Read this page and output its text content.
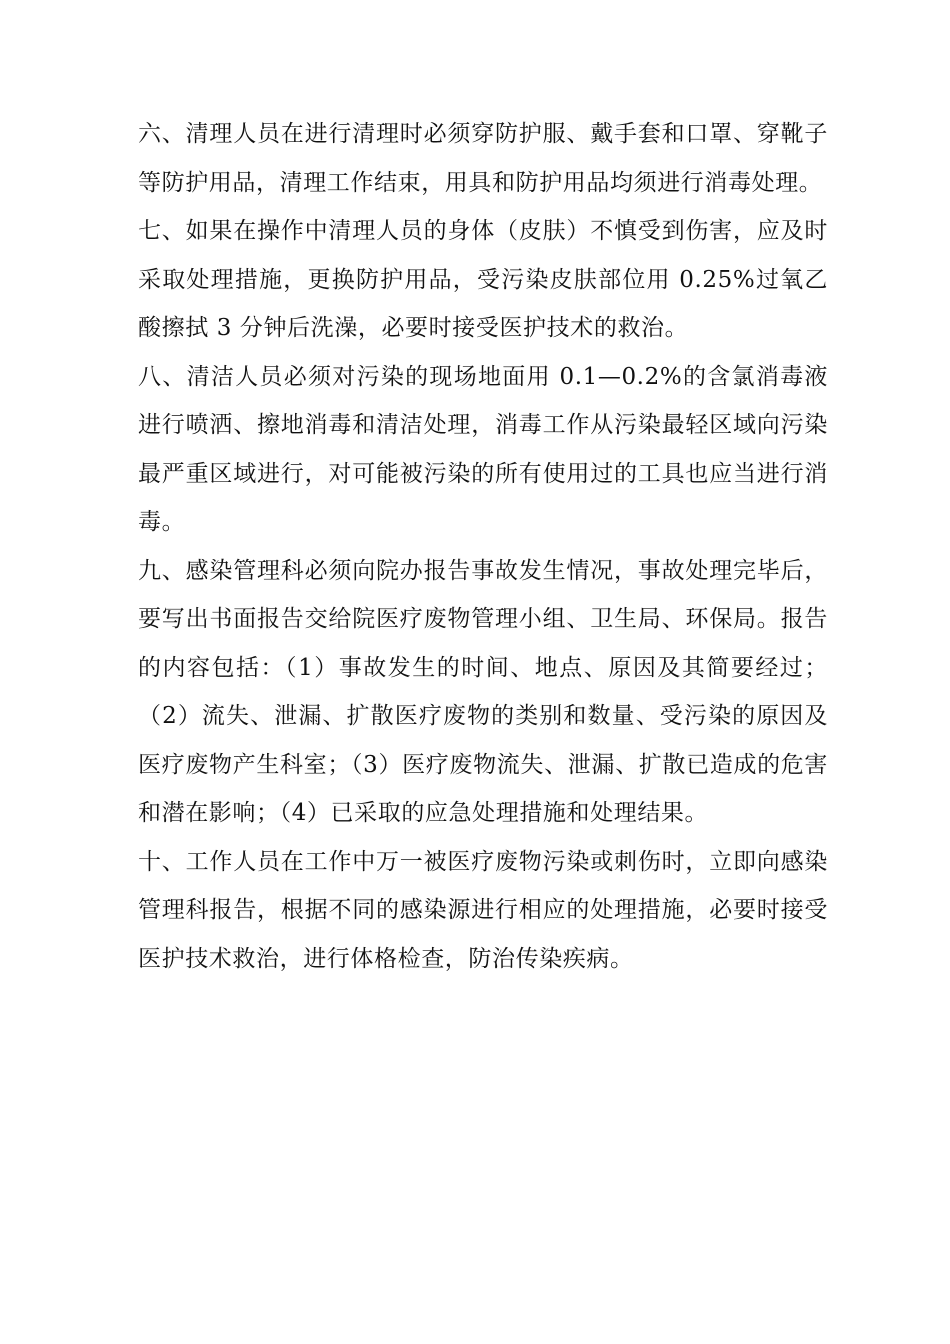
六、清理人员在进行清理时必须穿防护服、戴手套和口罩、穿靴子等防护用品，清理工作结束，用具和防护用品均须进行消毒处理。

七、如果在操作中清理人员的身体（皮肤）不慎受到伤害，应及时采取处理措施，更换防护用品，受污染皮肤部位用 0.25%过氧乙酸擦拭 3 分钟后洗澡，必要时接受医护技术的救治。

八、清洁人员必须对污染的现场地面用 0.1—0.2%的含氯消毒液进行喷洒、擦地消毒和清洁处理，消毒工作从污染最轻区域向污染最严重区域进行，对可能被污染的所有使用过的工具也应当进行消毒。

九、感染管理科必须向院办报告事故发生情况，事故处理完毕后，要写出书面报告交给院医疗废物管理小组、卫生局、环保局。报告的内容包括：（1）事故发生的时间、地点、原因及其简要经过；（2）流失、泄漏、扩散医疗废物的类别和数量、受污染的原因及医疗废物产生科室；（3）医疗废物流失、泄漏、扩散已造成的危害和潜在影响；（4）已采取的应急处理措施和处理结果。

十、工作人员在工作中万一被医疗废物污染或刺伤时，立即向感染管理科报告，根据不同的感染源进行相应的处理措施，必要时接受医护技术救治，进行体格检查，防治传染疾病。
